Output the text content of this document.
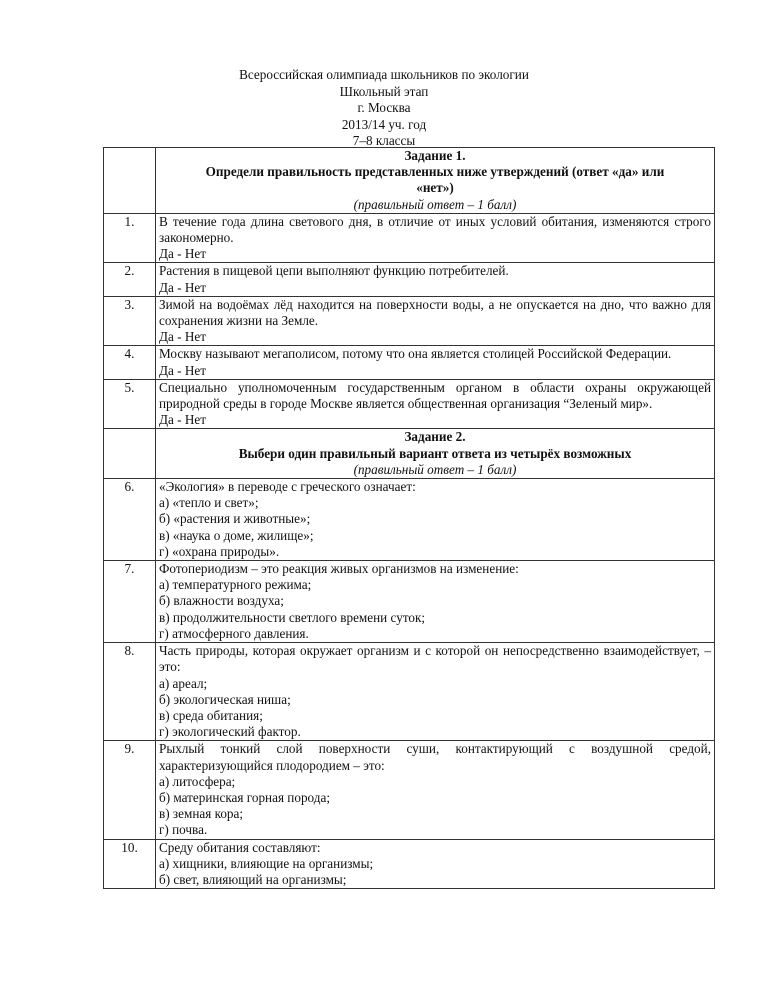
Всероссийская олимпиада школьников по экологии
Школьный этап
г. Москва
2013/14 уч. год
7–8 классы

	Задание 1.
Определи правильность представленных ниже утверждений (ответ «да» или
«нет»)
(правильный ответ – 1 балл)

1.	В течение года длина светового дня, в отличие от иных условий обитания, изменяются строго закономерно.
Да - Нет

2.	Растения в пищевой цепи выполняют функцию потребителей.
Да - Нет

3.	Зимой на водоёмах лёд находится на поверхности воды, а не опускается на дно, что важно для сохранения жизни на Земле.
Да - Нет

4.	Москву называют мегаполисом, потому что она является столицей Российской Федерации.
Да - Нет

5.	Специально уполномоченным государственным органом в области охраны окружающей природной среды в городе Москве является общественная организация “Зеленый мир».
Да - Нет

	Задание 2.
Выбери один правильный вариант ответа из четырёх возможных
(правильный ответ – 1 балл)

6.	«Экология» в переводе с греческого означает:
а) «тепло и свет»;
б) «растения и животные»;
в) «наука о доме, жилище»;
г) «охрана природы».

7.	Фотопериодизм – это реакция живых организмов на изменение:
а) температурного режима;
б) влажности воздуха;
в) продолжительности светлого времени суток;
г) атмосферного давления.

8.	Часть природы, которая окружает организм и с которой он непосредственно взаимодействует, – это:
а) ареал;
б) экологическая ниша;
в) среда обитания;
г) экологический фактор.

9.	Рыхлый тонкий слой поверхности суши, контактирующий с воздушной средой, характеризующийся плодородием – это:
а) литосфера;
б) материнская горная порода;
в) земная кора;
г) почва.

10.	Среду обитания составляют:
а) хищники, влияющие на организмы;
б) свет, влияющий на организмы;
